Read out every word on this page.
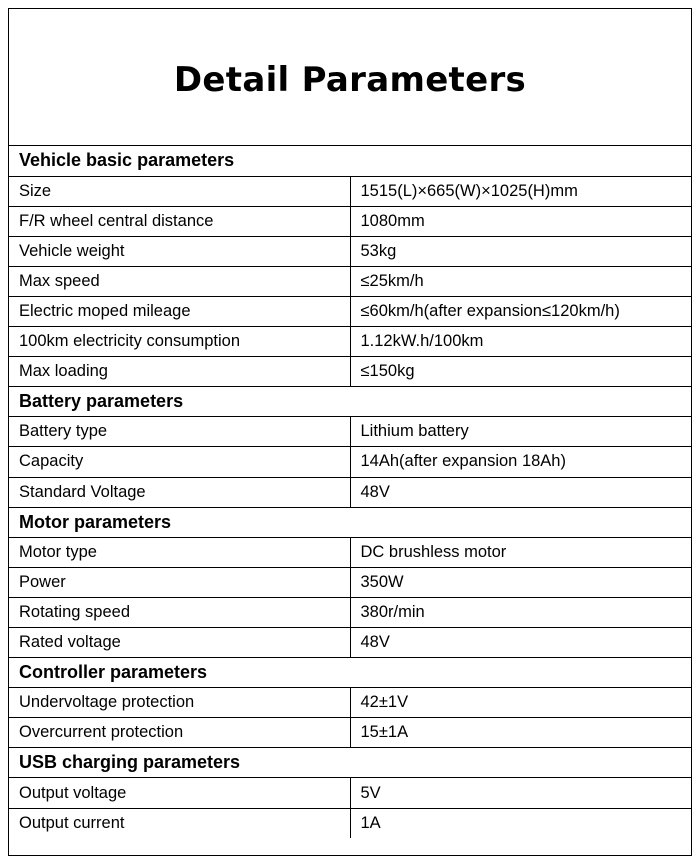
Detail Parameters
Vehicle basic parameters	
Size	1515(L)×665(W)×1025(H)mm
F/R wheel central distance	1080mm
Vehicle weight	53kg
Max speed	≤25km/h
Electric moped mileage	≤60km/h(after expansion≤120km/h)
100km electricity consumption	1.12kW.h/100km
Max loading	≤150kg
Battery parameters	
Battery type	Lithium battery
Capacity	14Ah(after expansion 18Ah)
Standard Voltage	48V
Motor parameters	
Motor type	DC brushless motor
Power	350W
Rotating speed	380r/min
Rated voltage	48V
Controller parameters	
Undervoltage protection	42±1V
Overcurrent protection	15±1A
USB charging parameters	
Output voltage	5V
Output current	1A
